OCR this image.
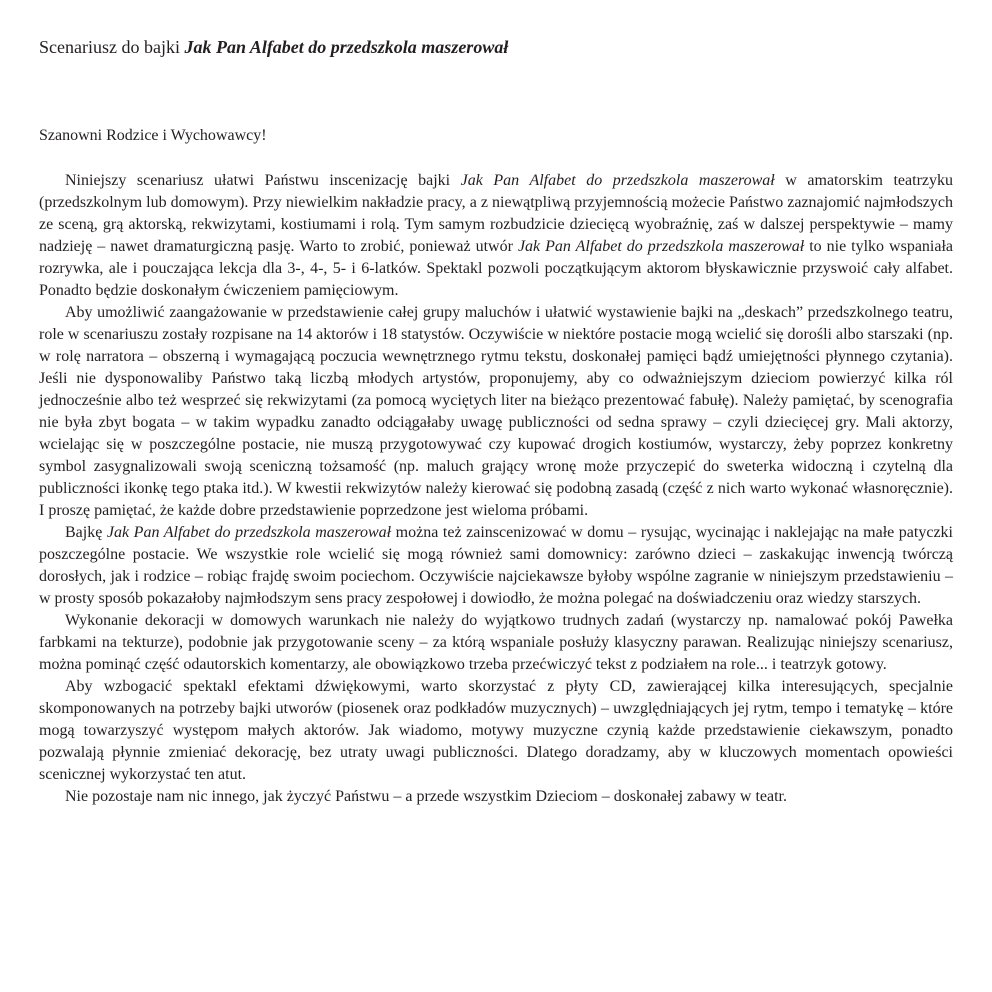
Scenariusz do bajki Jak Pan Alfabet do przedszkola maszerował
Szanowni Rodzice i Wychowawcy!

Niniejszy scenariusz ułatwi Państwu inscenizację bajki Jak Pan Alfabet do przedszkola maszerował w amatorskim teatrzyku (przedszkolnym lub domowym). Przy niewielkim nakładzie pracy, a z niewątpliwą przyjemnością możecie Państwo zaznajomić najmłodszych ze sceną, grą aktorską, rekwizytami, kostiumami i rolą. Tym samym rozbudzicie dziecięcą wyobraźnię, zaś w dalszej perspektywie – mamy nadzieję – nawet dramaturgiczną pasję. Warto to zrobić, ponieważ utwór Jak Pan Alfabet do przedszkola maszerował to nie tylko wspaniała rozrywka, ale i pouczająca lekcja dla 3-, 4-, 5- i 6-latków. Spektakl pozwoli początkującym aktorom błyskawicznie przyswoić cały alfabet. Ponadto będzie doskonałym ćwiczeniem pamięciowym.

Aby umożliwić zaangażowanie w przedstawienie całej grupy maluchów i ułatwić wystawienie bajki na „deskach” przedszkolnego teatru, role w scenariuszu zostały rozpisane na 14 aktorów i 18 statystów. Oczywiście w niektóre postacie mogą wcielić się dorośli albo starszaki (np. w rolę narratora – obszerną i wymagającą poczucia wewnętrznego rytmu tekstu, doskonałej pamięci bądź umiejętności płynnego czytania). Jeśli nie dysponowaliby Państwo taką liczbą młodych artystów, proponujemy, aby co odważniejszym dzieciom powierzyć kilka ról jednocześnie albo też wesprzeć się rekwizytami (za pomocą wyciętych liter na bieżąco prezentować fabułę). Należy pamiętać, by scenografia nie była zbyt bogata – w takim wypadku zanadto odciągałaby uwagę publiczności od sedna sprawy – czyli dziecięcej gry. Mali aktorzy, wcielając się w poszczególne postacie, nie muszą przygotowywać czy kupować drogich kostiumów, wystarczy, żeby poprzez konkretny symbol zasygnalizowali swoją sceniczną tożsamość (np. maluch grający wronę może przyczepić do sweterka widoczną i czytelną dla publiczności ikonkę tego ptaka itd.). W kwestii rekwizytów należy kierować się podobną zasadą (część z nich warto wykonać własnoręcznie). I proszę pamiętać, że każde dobre przedstawienie poprzedzone jest wieloma próbami.

Bajkę Jak Pan Alfabet do przedszkola maszerował można też zainscenizować w domu – rysując, wycinając i naklejając na małe patyczki poszczególne postacie. We wszystkie role wcielić się mogą również sami domownicy: zarówno dzieci – zaskakując inwencją twórczą dorosłych, jak i rodzice – robiąc frajdę swoim pociechom. Oczywiście najciekawsze byłoby wspólne zagranie w niniejszym przedstawieniu – w prosty sposób pokazałoby najmłodszym sens pracy zespołowej i dowiodło, że można polegać na doświadczeniu oraz wiedzy starszych.

Wykonanie dekoracji w domowych warunkach nie należy do wyjątkowo trudnych zadań (wystarczy np. namalować pokój Pawełka farbkami na tekturze), podobnie jak przygotowanie sceny – za którą wspaniale posłuży klasyczny parawan. Realizując niniejszy scenariusz, można pominąć część odautorskich komentarzy, ale obowiązkowo trzeba przećwiczyć tekst z podziałem na role... i teatrzyk gotowy.

Aby wzbogacić spektakl efektami dźwiękowymi, warto skorzystać z płyty CD, zawierającej kilka interesujących, specjalnie skomponowanych na potrzeby bajki utworów (piosenek oraz podkładów muzycznych) – uwzględniających jej rytm, tempo i tematykę – które mogą towarzyszyć występom małych aktorów. Jak wiadomo, motywy muzyczne czynią każde przedstawienie ciekawszym, ponadto pozwalają płynnie zmieniać dekorację, bez utraty uwagi publiczności. Dlatego doradzamy, aby w kluczowych momentach opowieści scenicznej wykorzystać ten atut.

Nie pozostaje nam nic innego, jak życzyć Państwu – a przede wszystkim Dzieciom – doskonałej zabawy w teatr.
